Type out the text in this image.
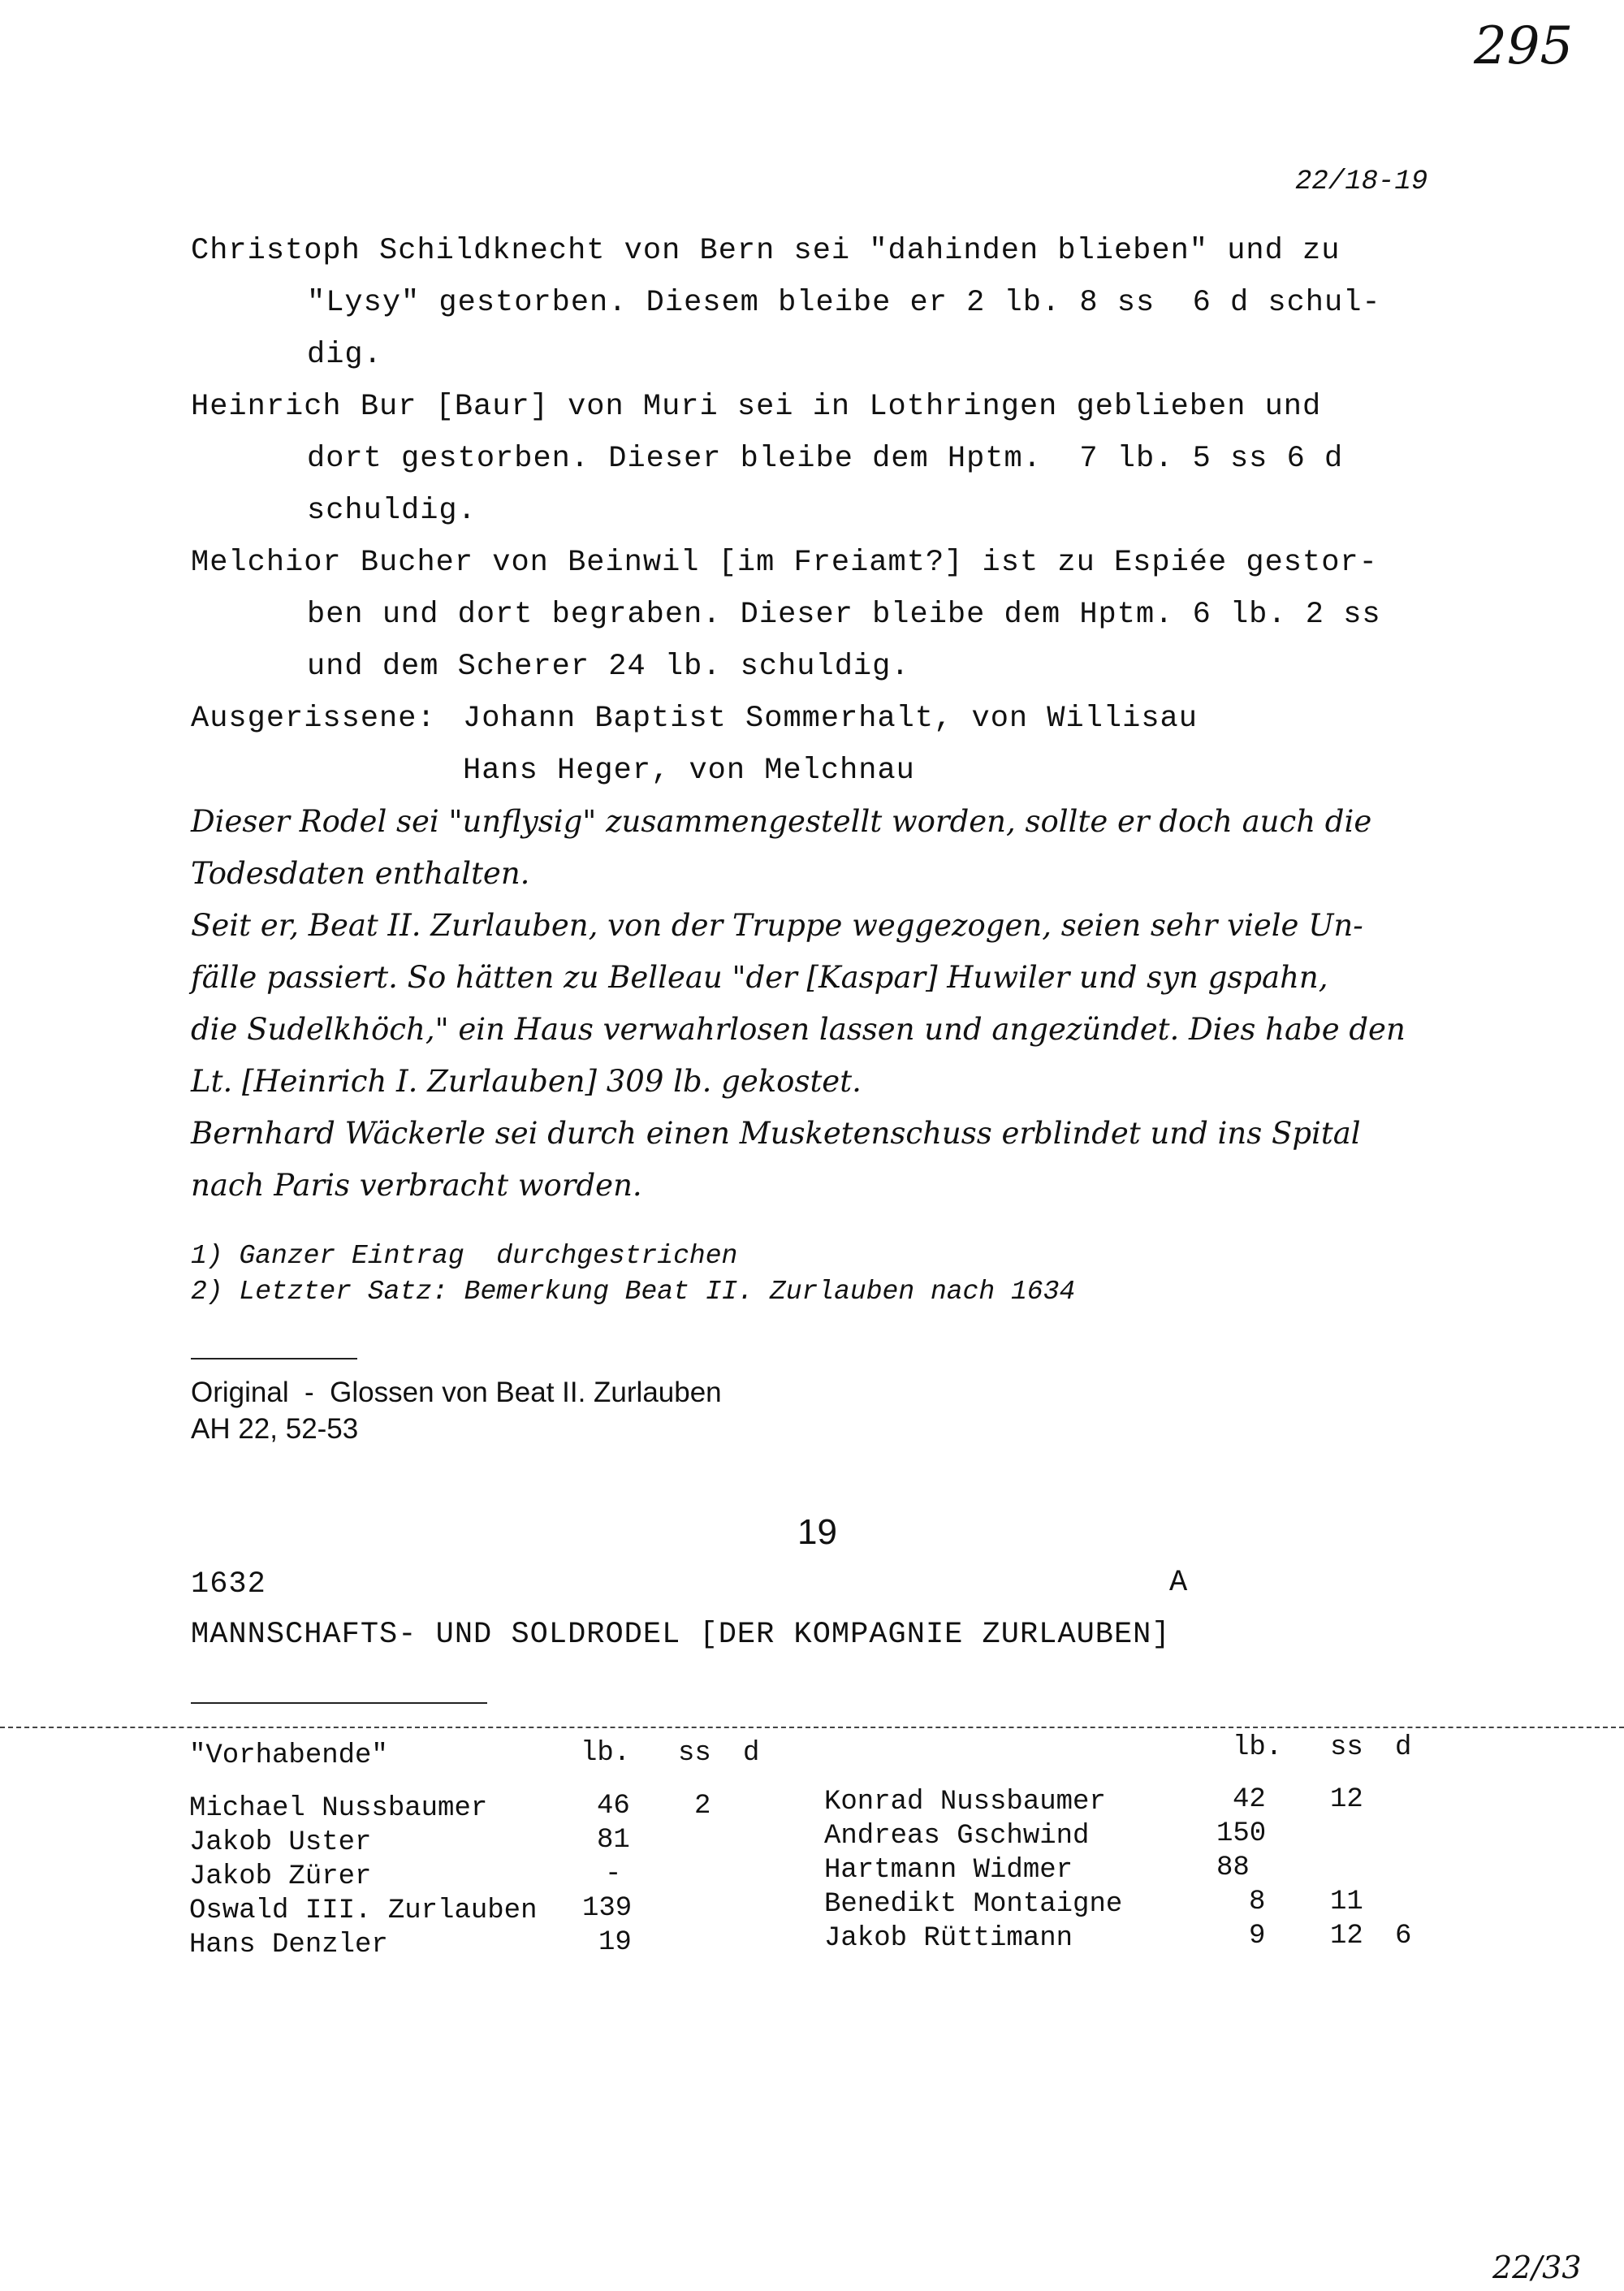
295
22/18-19
Christoph Schildknecht von Bern sei "dahinden blieben" und zu
"Lysy" gestorben. Diesem bleibe er 2 lb. 8 ss  6 d schul-
dig.
Heinrich Bur [Baur] von Muri sei in Lothringen geblieben und
dort gestorben. Dieser bleibe dem Hptm.  7 lb. 5 ss 6 d
schuldig.
Melchior Bucher von Beinwil [im Freiamt?] ist zu Espiée gestor-
ben und dort begraben. Dieser bleibe dem Hptm. 6 lb. 2 ss
und dem Scherer 24 lb. schuldig.
Ausgerissene: Johann Baptist Sommerhalt, von Willisau
Hans Heger, von Melchnau
Dieser Rodel sei "unflysig" zusammengestellt worden, sollte er doch auch die
Todesdaten enthalten.
Seit er, Beat II. Zurlauben, von der Truppe weggezogen, seien sehr viele Un-
fälle passiert. So hätten zu Belleau "der [Kaspar] Huwiler und syn gspahn,
die Sudelkhöch," ein Haus verwahrlosen lassen und angezündet. Dies habe den
Lt. [Heinrich I. Zurlauben] 309 lb. gekostet.
Bernhard Wäckerle sei durch einen Musketenschuss erblindet und ins Spital
nach Paris verbracht worden.
1) Ganzer Eintrag  durchgestrichen
2) Letzter Satz: Bemerkung Beat II. Zurlauben nach 1634
Original  -  Glossen von Beat II. Zurlauben
AH 22, 52-53
19
1632	A
MANNSCHAFTS- UND SOLDRODEL [DER KOMPAGNIE ZURLAUBEN]
"Vorhabende"	lb. ss d	lb. ss d
Michael Nussbaumer	46 2
Jakob Uster	81
Jakob Zürer	-
Oswald III. Zurlauben 139
Hans Denzler	19
Konrad Nussbaumer	42 12
Andreas Gschwind	150
Hartmann Widmer	88
Benedikt Montaigne	8 11
Jakob Rüttimann	9 12 6
22/33
